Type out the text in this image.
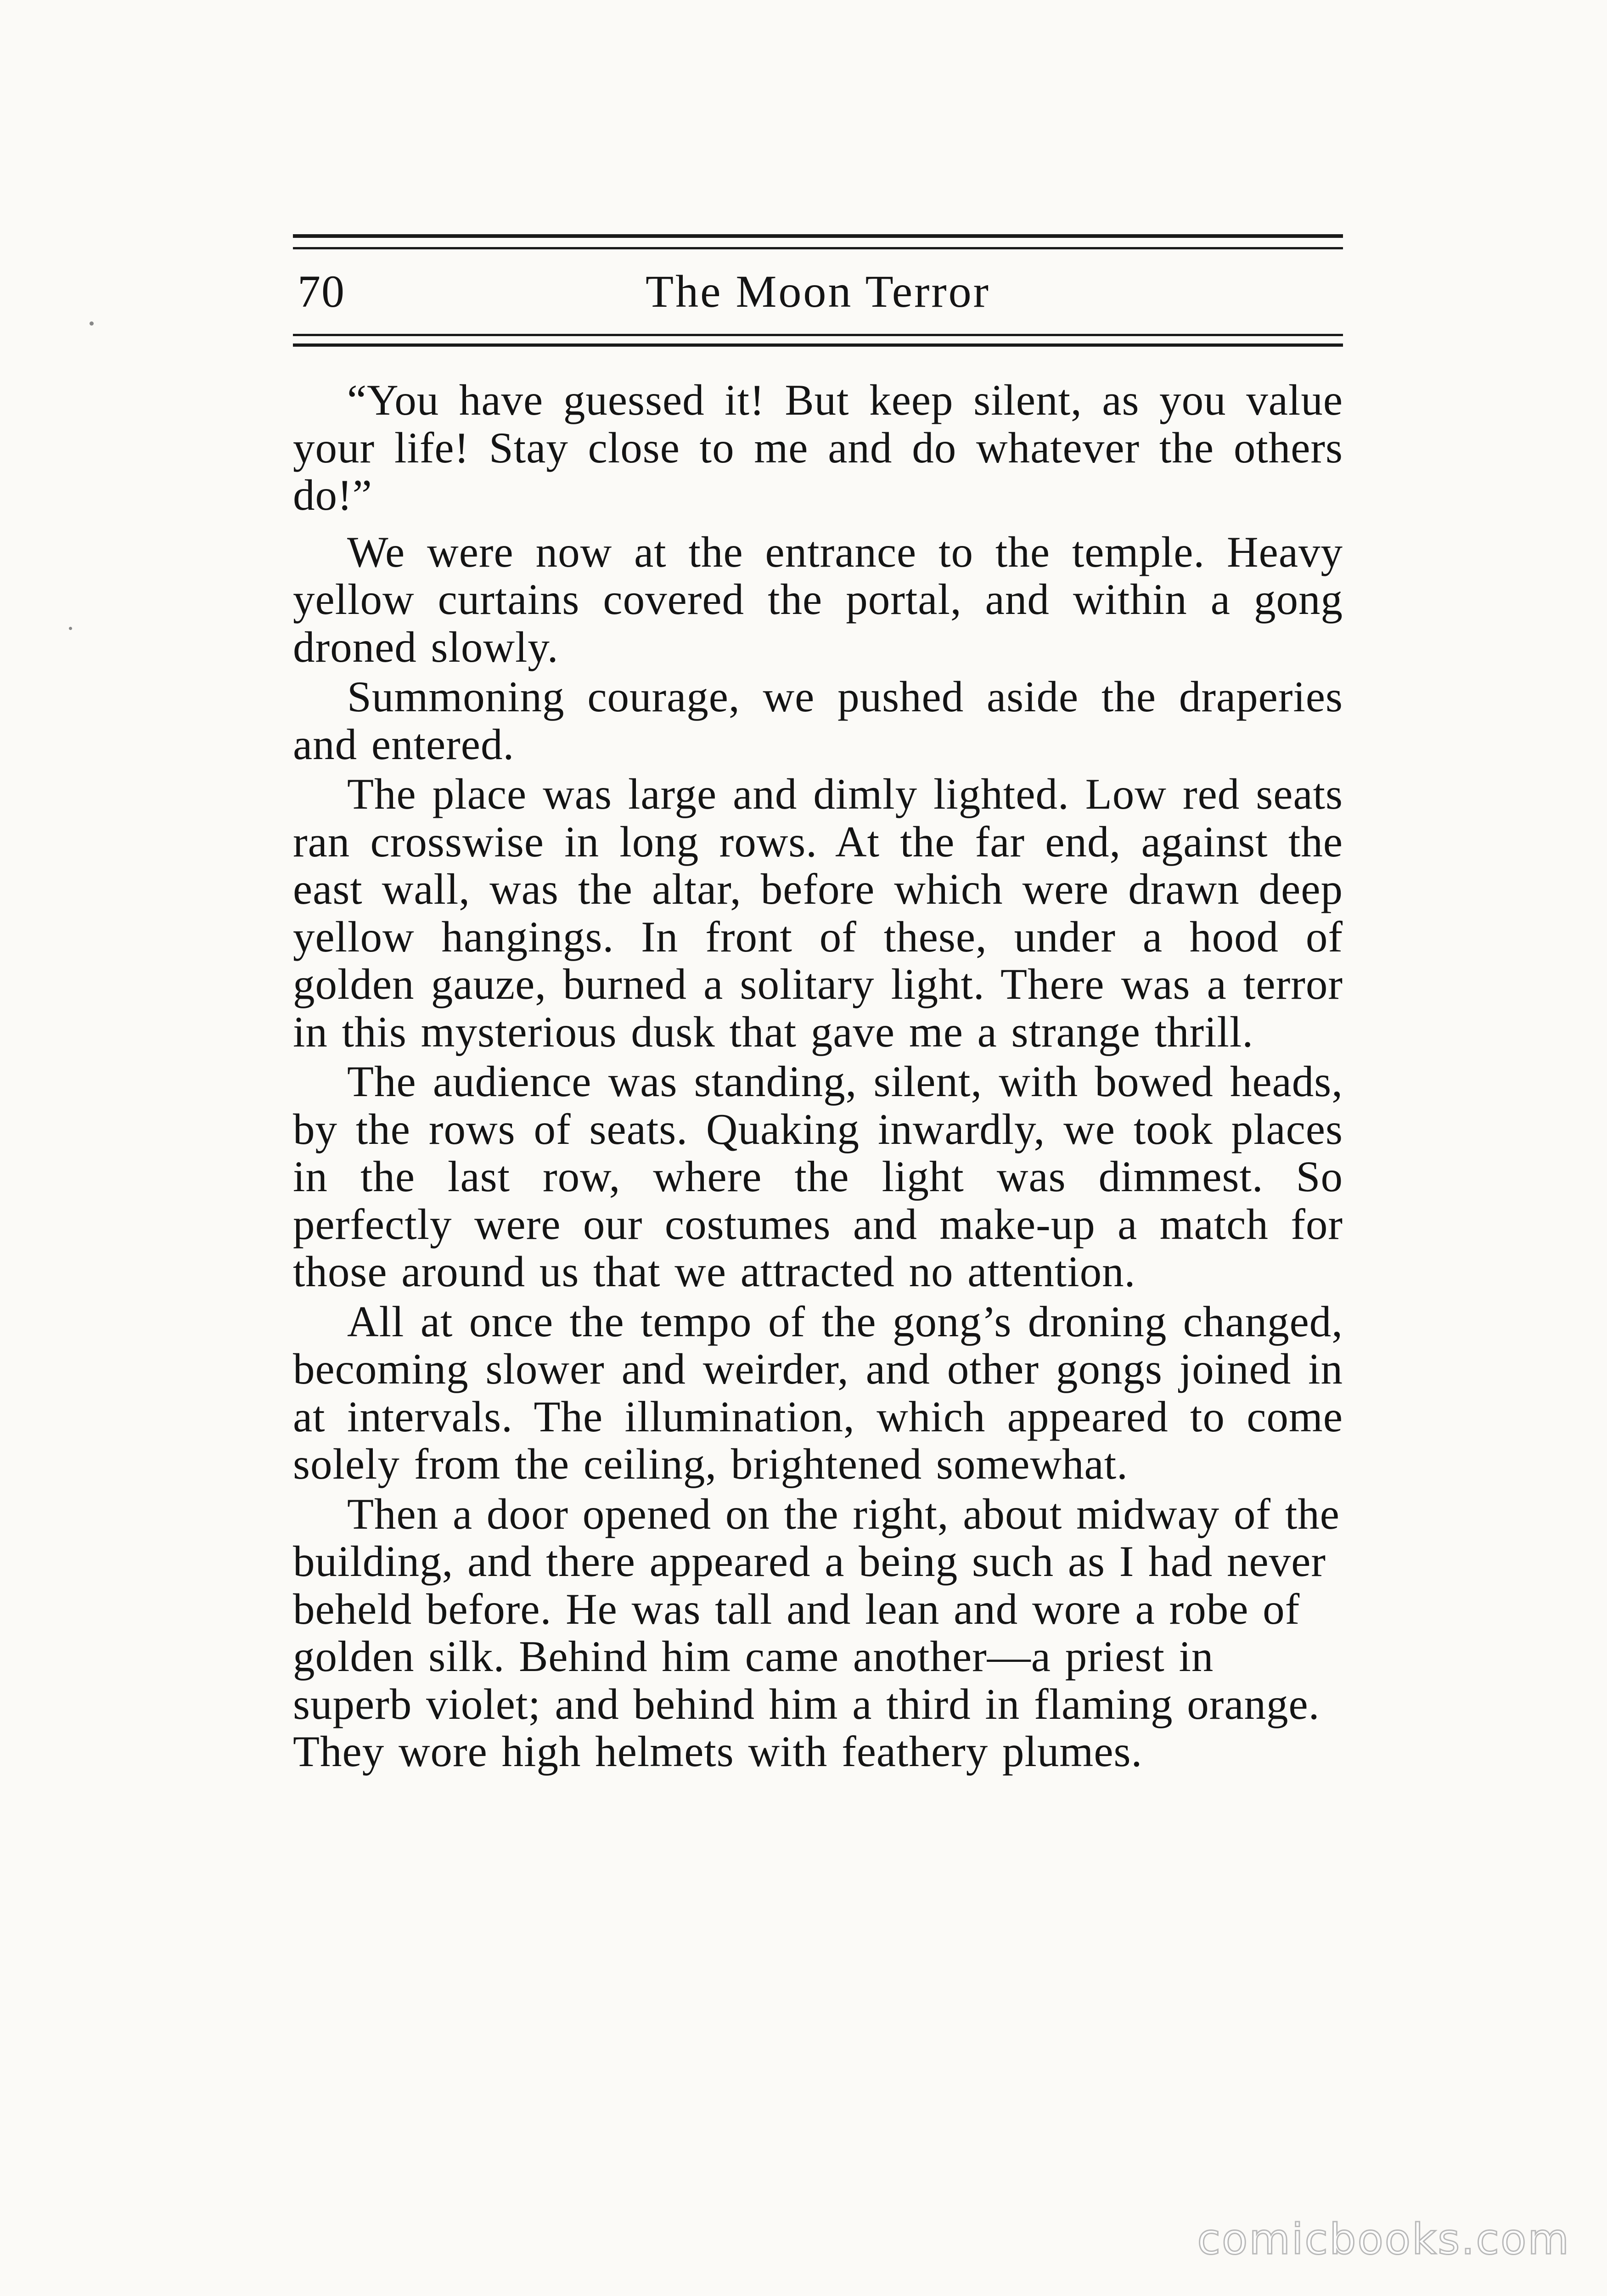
70	The Moon Terror

“You have guessed it! But keep silent, as you value your life! Stay close to me and do whatever the others do!”

We were now at the entrance to the temple. Heavy yellow curtains covered the portal, and within a gong droned slowly.

Summoning courage, we pushed aside the draperies and entered.

The place was large and dimly lighted. Low red seats ran crosswise in long rows. At the far end, against the east wall, was the altar, before which were drawn deep yellow hangings. In front of these, under a hood of golden gauze, burned a solitary light. There was a terror in this mysterious dusk that gave me a strange thrill.

The audience was standing, silent, with bowed heads, by the rows of seats. Quaking inwardly, we took places in the last row, where the light was dimmest. So perfectly were our costumes and make-up a match for those around us that we attracted no attention.

All at once the tempo of the gong’s droning changed, becoming slower and weirder, and other gongs joined in at intervals. The illumination, which appeared to come solely from the ceiling, brightened somewhat.

Then a door opened on the right, about midway of the building, and there appeared a being such as I had never beheld before. He was tall and lean and wore a robe of golden silk. Behind him came another—a priest in superb violet; and behind him a third in flaming orange. They wore high helmets with feathery plumes.

comicbooks.com
